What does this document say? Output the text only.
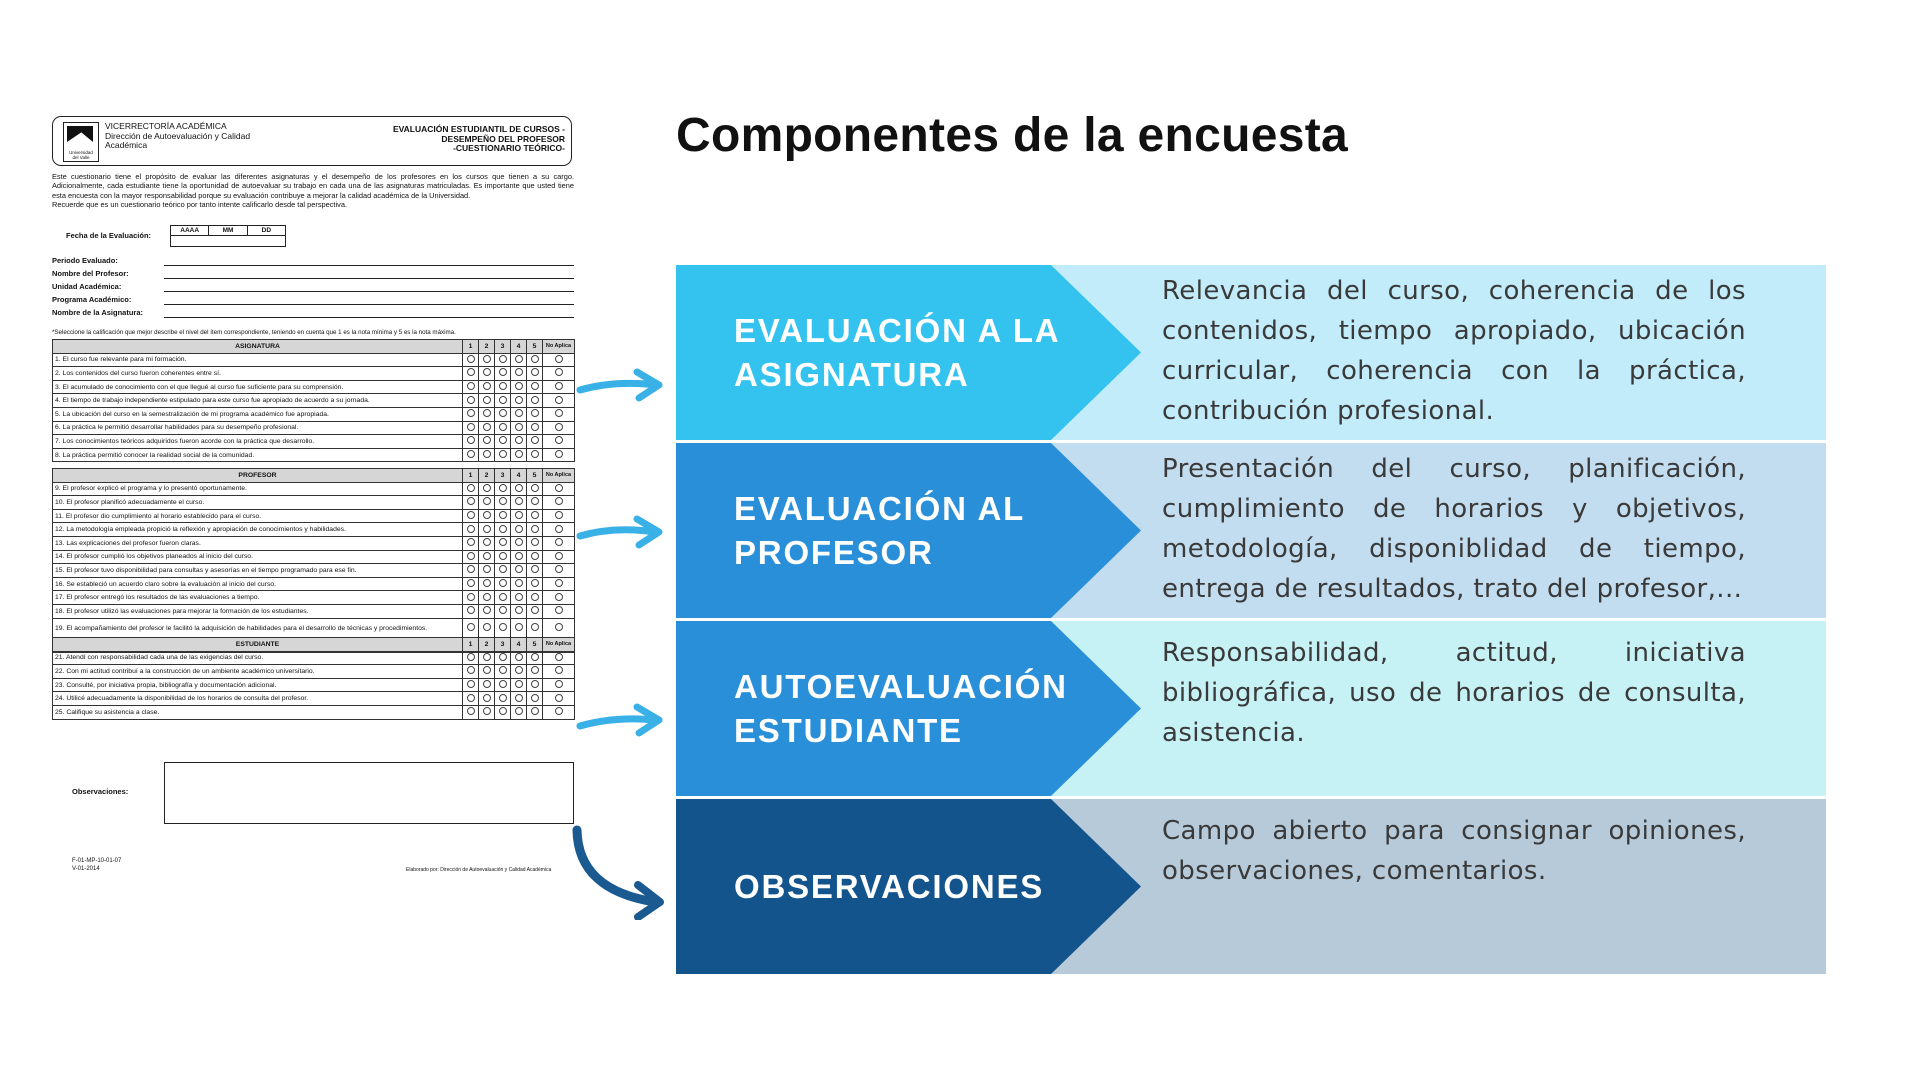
Universidad
del Valle
VICERRECTORÍA ACADÉMICA
Dirección de Autoevaluación y Calidad
Académica
EVALUACIÓN ESTUDIANTIL DE CURSOS -
DESEMPEÑO DEL PROFESOR
-CUESTIONARIO TEÓRICO-
Este cuestionario tiene el propósito de evaluar las diferentes asignaturas y el desempeño de los profesores en los cursos que tienen a su cargo. Adicionalmente, cada estudiante tiene la oportunidad de autoevaluar su trabajo en cada una de las asignaturas matriculadas. Es importante que usted tiene esta encuesta con la mayor responsabilidad porque su evaluación contribuye a mejorar la calidad académica de la Universidad.
Recuerde que es un cuestionario teórico por tanto intente calificarlo desde tal perspectiva.
Fecha de la Evaluación:
AAAA	MM	DD
Periodo Evaluado:
Nombre del Profesor:
Unidad Académica:
Programa Académico:
Nombre de la Asignatura:
*Seleccione la calificación que mejor describe el nivel del ítem correspondiente, teniendo en cuenta que 1 es la nota mínima y 5 es la nota máxima.
ASIGNATURA	1	2	3	4	5	No Aplica
1. El curso fue relevante para mi formación.						
2. Los contenidos del curso fueron coherentes entre sí.						
3. El acumulado de conocimiento con el que llegué al curso fue suficiente para su comprensión.						
4. El tiempo de trabajo independiente estipulado para este curso fue apropiado de acuerdo a su jornada.						
5. La ubicación del curso en la semestralización de mi programa académico fue apropiada.						
6. La práctica le permitió desarrollar habilidades para su desempeño profesional.						
7. Los conocimientos teóricos adquiridos fueron acorde con la práctica que desarrollo.						
8. La práctica permitió conocer la realidad social de la comunidad.						
PROFESOR	1	2	3	4	5	No Aplica
9. El profesor explicó el programa y lo presentó oportunamente.						
10. El profesor planificó adecuadamente el curso.						
11. El profesor dio cumplimiento al horario establecido para el curso.						
12. La metodología empleada propició la reflexión y apropiación de conocimientos y habilidades.						
13. Las explicaciones del profesor fueron claras.						
14. El profesor cumplió los objetivos planeados al inicio del curso.						
15. El profesor tuvo disponibilidad para consultas y asesorías en el tiempo programado para ese fin.						
16. Se estableció un acuerdo claro sobre la evaluación al inicio del curso.						
17. El profesor entregó los resultados de las evaluaciones a tiempo.						
18. El profesor utilizó las evaluaciones para mejorar la formación de los estudiantes.						
19. El acompañamiento del profesor le facilitó la adquisición de habilidades para el desarrollo de técnicas y procedimientos.						

ESTUDIANTE	1	2	3	4	5	No Aplica
21. Atendí con responsabilidad cada una de las exigencias del curso.						
22. Con mi actitud contribuí a la construcción de un ambiente académico universitario.						
23. Consulté, por iniciativa propia, bibliografía y documentación adicional.						
24. Utilicé adecuadamente la disponibilidad de los horarios de consulta del profesor.						
25. Califique su asistencia a clase.						
Observaciones:
F-01-MP-10-01-07
V-01-2014	Elaborado por: Dirección de Autoevaluación y Calidad Académica
Componentes de la encuesta
EVALUACIÓN A LA
ASIGNATURA
Relevancia del curso, coherencia de los contenidos, tiempo apropiado, ubicación curricular, coherencia con la práctica, contribución profesional.
EVALUACIÓN AL
PROFESOR
Presentación del curso, planificación, cumplimiento de horarios y objetivos, metodología, disponiblidad de tiempo, entrega de resultados, trato del profesor,...
AUTOEVALUACIÓN
ESTUDIANTE
Responsabilidad, actitud, iniciativa bibliográfica, uso de horarios de consulta, asistencia.
OBSERVACIONES
Campo abierto para consignar opiniones, observaciones, comentarios.
